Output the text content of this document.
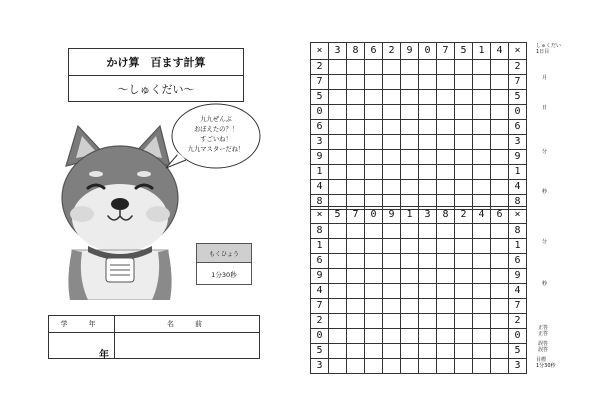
かけ算　百ます計算
～しゅくだい～
九九ぜんぶ
おぼえたの？！
すごいね！
九九マスターだね！
もくひょう
1分30秒
学　年	名　前
年
×	3	8	6	2	9	0	7	5	1	4	×
2											2
7											7
5											5
0											0
6											6
3											3
9											9
1											1
4											4
8											8
×	5	7	0	9	1	3	8	2	4	6	×
8											8
1											1
6											6
9											9
4											4
7											7
2											2
0											0
5											5
3											3
しゅくだい
1日目
月
日
分
秒
分
秒
正答
正答
誤答
誤答
目標
1分30秒
